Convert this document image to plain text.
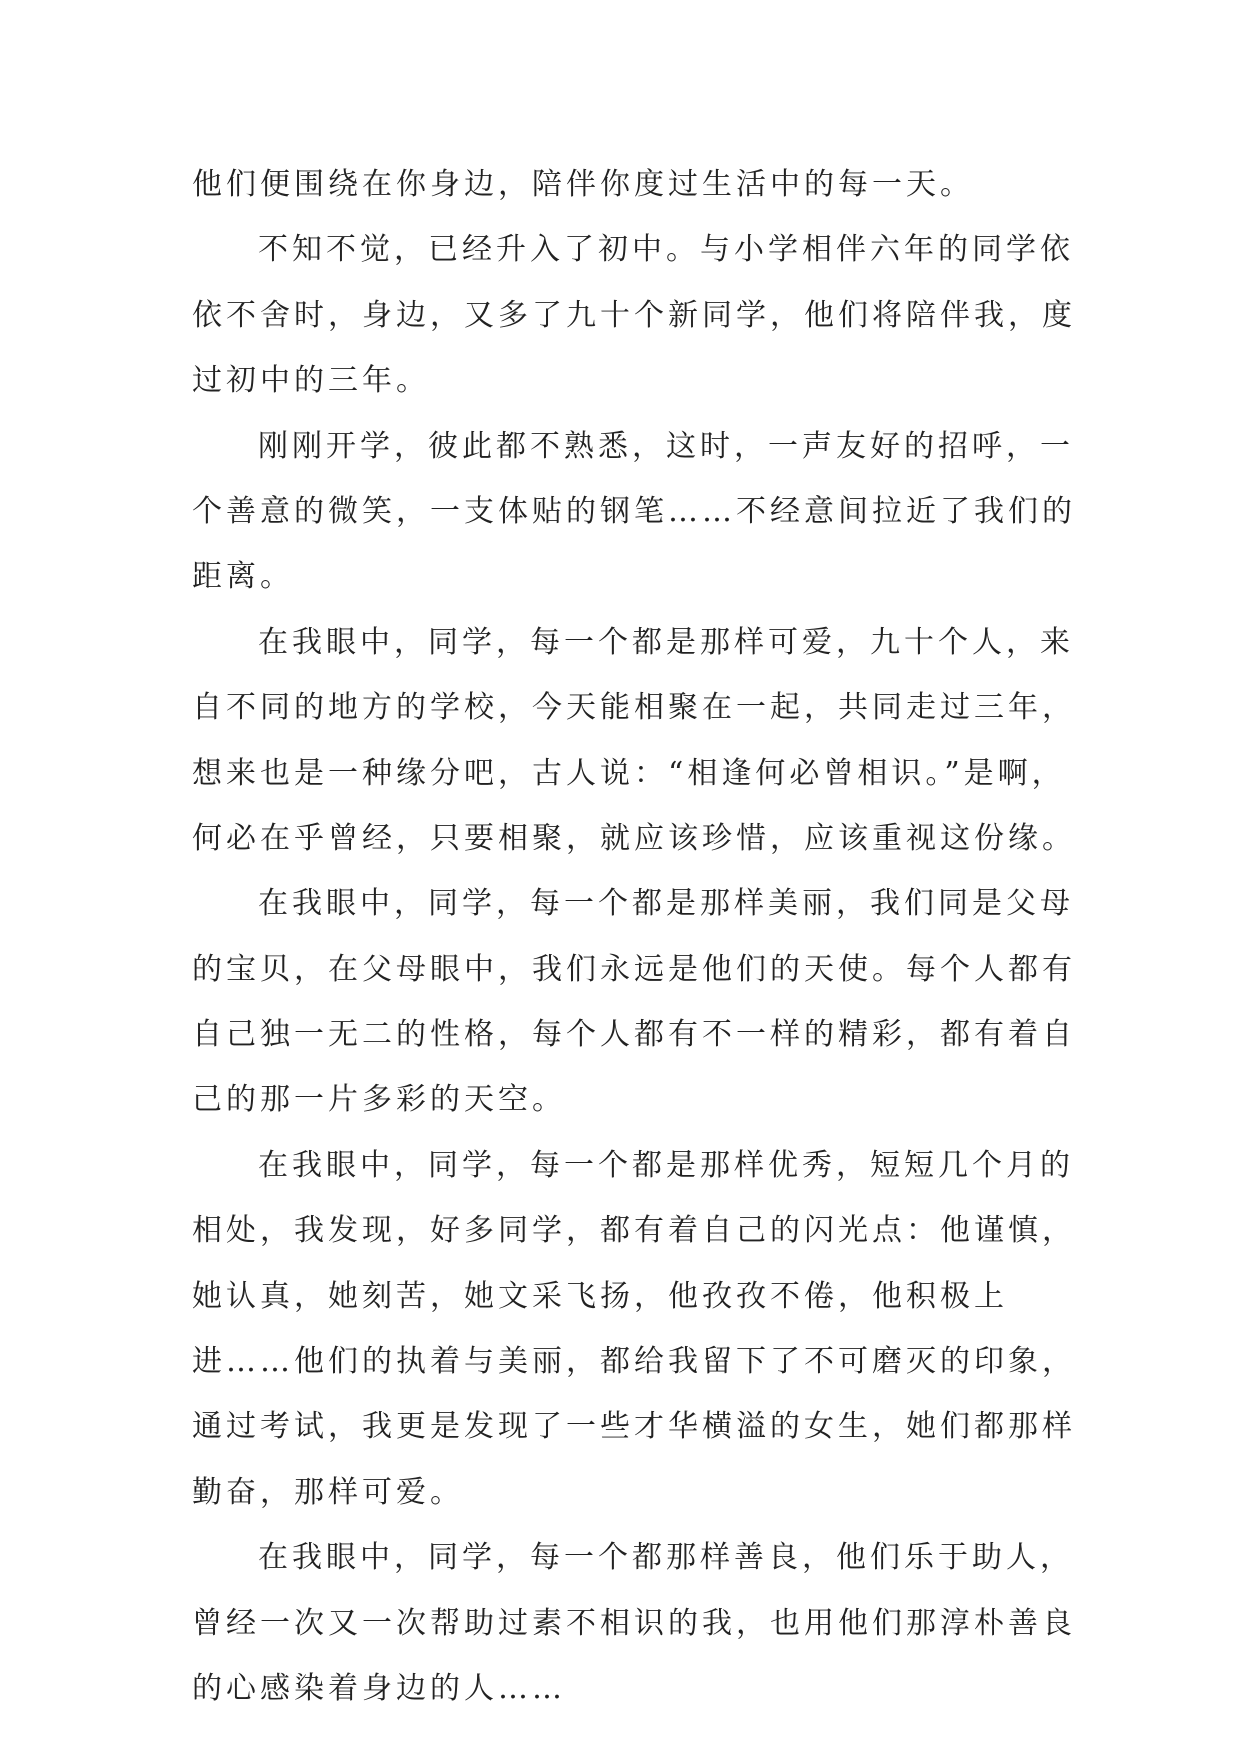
他们便围绕在你身边，陪伴你度过生活中的每一天。
不知不觉，已经升入了初中。与小学相伴六年的同学依
依不舍时，身边，又多了九十个新同学，他们将陪伴我，度
过初中的三年。
刚刚开学，彼此都不熟悉，这时，一声友好的招呼，一
个善意的微笑，一支体贴的钢笔……不经意间拉近了我们的
距离。
在我眼中，同学，每一个都是那样可爱，九十个人，来
自不同的地方的学校，今天能相聚在一起，共同走过三年，
想来也是一种缘分吧，古人说：“相逢何必曾相识。”是啊，
何必在乎曾经，只要相聚，就应该珍惜，应该重视这份缘。
在我眼中，同学，每一个都是那样美丽，我们同是父母
的宝贝，在父母眼中，我们永远是他们的天使。每个人都有
自己独一无二的性格，每个人都有不一样的精彩，都有着自
己的那一片多彩的天空。
在我眼中，同学，每一个都是那样优秀，短短几个月的
相处，我发现，好多同学，都有着自己的闪光点：他谨慎，
她认真，她刻苦，她文采飞扬，他孜孜不倦，他积极上
进……他们的执着与美丽，都给我留下了不可磨灭的印象，
通过考试，我更是发现了一些才华横溢的女生，她们都那样
勤奋，那样可爱。
在我眼中，同学，每一个都那样善良，他们乐于助人，
曾经一次又一次帮助过素不相识的我，也用他们那淳朴善良
的心感染着身边的人……
